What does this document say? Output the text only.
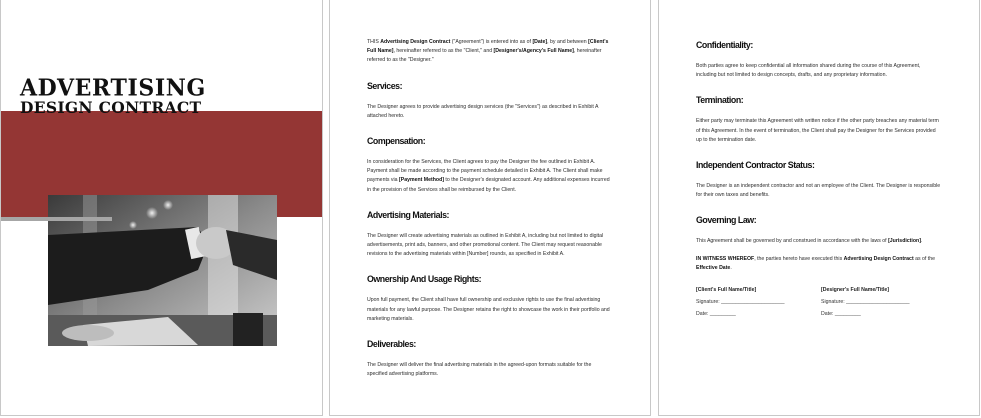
ADVERTISING
DESIGN CONTRACT

THIS Advertising Design Contract ("Agreement") is entered into as of [Date], by and between [Client's Full Name], hereinafter referred to as the "Client," and [Designer's/Agency's Full Name], hereinafter referred to as the "Designer."

Services:

The Designer agrees to provide advertising design services (the "Services") as described in Exhibit A attached hereto.

Compensation:

In consideration for the Services, the Client agrees to pay the Designer the fee outlined in Exhibit A. Payment shall be made according to the payment schedule detailed in Exhibit A. The Client shall make payments via [Payment Method] to the Designer's designated account. Any additional expenses incurred in the provision of the Services shall be reimbursed by the Client.

Advertising Materials:

The Designer will create advertising materials as outlined in Exhibit A, including but not limited to digital advertisements, print ads, banners, and other promotional content. The Client may request reasonable revisions to the advertising materials within [Number] rounds, as specified in Exhibit A.

Ownership And Usage Rights:

Upon full payment, the Client shall have full ownership and exclusive rights to use the final advertising materials for any lawful purpose. The Designer retains the right to showcase the work in their portfolio and marketing materials.

Deliverables:

The Designer will deliver the final advertising materials in the agreed-upon formats suitable for the specified advertising platforms.

Confidentiality:

Both parties agree to keep confidential all information shared during the course of this Agreement, including but not limited to design concepts, drafts, and any proprietary information.

Termination:

Either party may terminate this Agreement with written notice if the other party breaches any material term of this Agreement. In the event of termination, the Client shall pay the Designer for the Services provided up to the termination date.

Independent Contractor Status:

The Designer is an independent contractor and not an employee of the Client. The Designer is responsible for their own taxes and benefits.

Governing Law:

This Agreement shall be governed by and construed in accordance with the laws of [Jurisdiction].

IN WITNESS WHEREOF, the parties hereto have executed this Advertising Design Contract as of the Effective Date.

[Client's Full Name/Title]
Signature: ______________________
Date: _________
[Designer's Full Name/Title]
Signature: ______________________
Date: _________
